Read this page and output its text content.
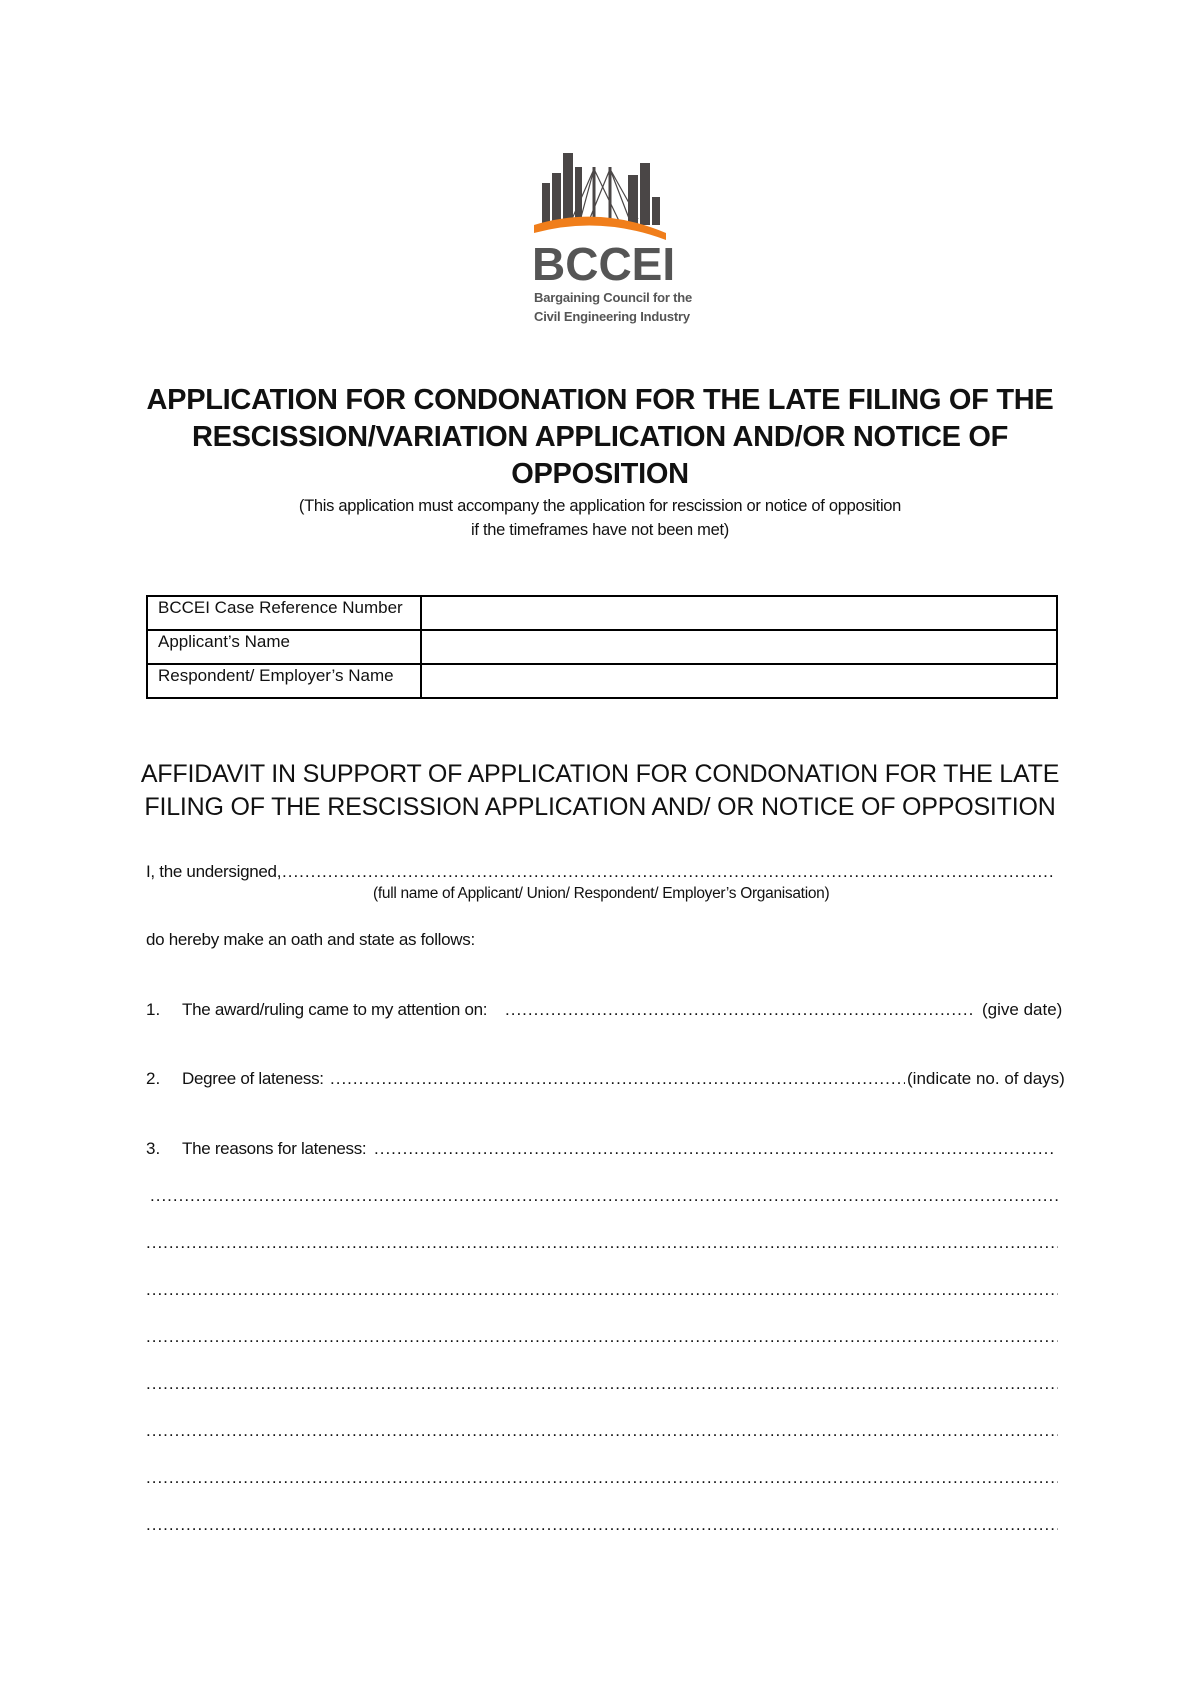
BCCEI
Bargaining Council for the
Civil Engineering Industry
APPLICATION FOR CONDONATION FOR THE LATE FILING OF THE RESCISSION/VARIATION APPLICATION AND/OR NOTICE OF OPPOSITION
(This application must accompany the application for rescission or notice of opposition
if the timeframes have not been met)
BCCEI Case Reference Number	
Applicant’s Name	
Respondent/ Employer’s Name	
AFFIDAVIT IN SUPPORT OF APPLICATION FOR CONDONATION FOR THE LATE
FILING OF THE RESCISSION APPLICATION AND/ OR NOTICE OF OPPOSITION
I, the undersigned,
.....
(full name of Applicant/ Union/ Respondent/ Employer’s Organisation)
do hereby make an oath and state as follows:
1. The award/ruling came to my attention on: .....	(give date)
2. Degree of lateness: .....	(indicate no. of days)
3. The reasons for lateness:
.....
.....
.....
.....
.....
.....
.....
.....
.....
